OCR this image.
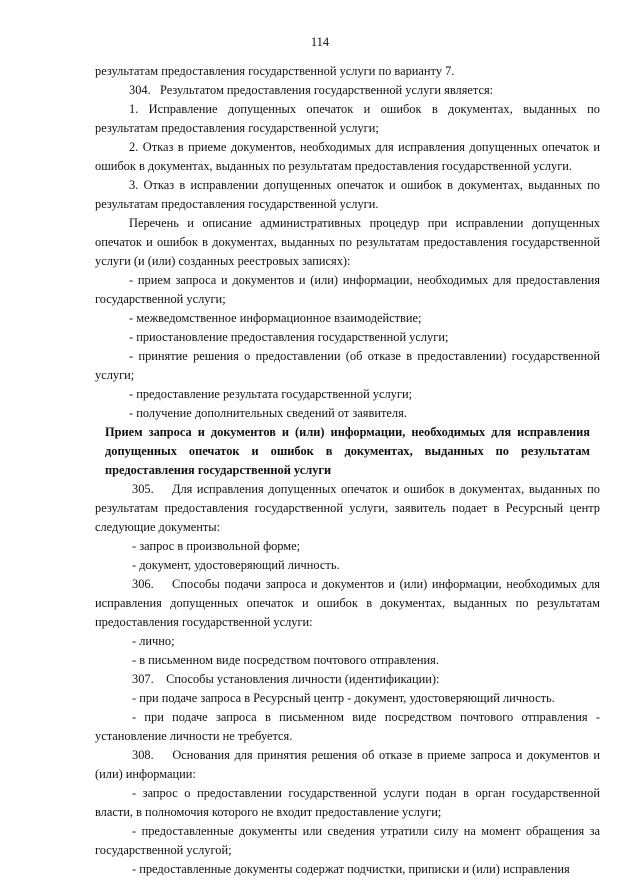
114

результатам предоставления государственной услуги по варианту 7.

304.   Результатом предоставления государственной услуги является:

1. Исправление допущенных опечаток и ошибок в документах, выданных по результатам предоставления государственной услуги;

2. Отказ в приеме документов, необходимых для исправления допущенных опечаток и ошибок в документах, выданных по результатам предоставления государственной услуги.

3. Отказ в исправлении допущенных опечаток и ошибок в документах, выданных по результатам предоставления государственной услуги.

Перечень и описание административных процедур при исправлении допущенных опечаток и ошибок в документах, выданных по результатам предоставления государственной услуги (и (или) созданных реестровых записях):

- прием запроса и документов и (или) информации, необходимых для предоставления государственной услуги;

- межведомственное информационное взаимодействие;

- приостановление предоставления государственной услуги;

- принятие решения о предоставлении (об отказе в предоставлении) государственной услуги;

- предоставление результата государственной услуги;

- получение дополнительных сведений от заявителя.

Прием запроса и документов и (или) информации, необходимых для исправления допущенных опечаток и ошибок в документах, выданных по результатам предоставления государственной услуги

305.    Для исправления допущенных опечаток и ошибок в документах, выданных по результатам предоставления государственной услуги, заявитель подает в Ресурсный центр следующие документы:

- запрос в произвольной форме;

- документ, удостоверяющий личность.

306.    Способы подачи запроса и документов и (или) информации, необходимых для исправления допущенных опечаток и ошибок в документах, выданных по результатам предоставления государственной услуги:

- лично;

- в письменном виде посредством почтового отправления.

307.    Способы установления личности (идентификации):

- при подаче запроса в Ресурсный центр - документ, удостоверяющий личность.

- при подаче запроса в письменном виде посредством почтового отправления - установление личности не требуется.

308.    Основания для принятия решения об отказе в приеме запроса и документов и (или) информации:

- запрос о предоставлении государственной услуги подан в орган государственной власти, в полномочия которого не входит предоставление услуги;

- предоставленные документы или сведения утратили силу на момент обращения за государственной услугой;

- предоставленные документы содержат подчистки, приписки и (или) исправления
